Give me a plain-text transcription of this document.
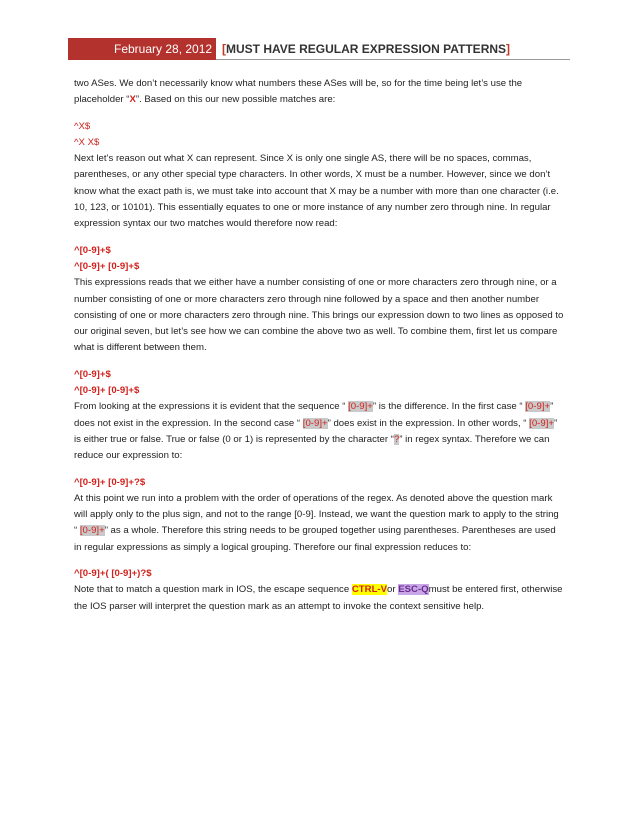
February 28, 2012 [MUST HAVE REGULAR EXPRESSION PATTERNS]

two ASes. We don’t necessarily know what numbers these ASes will be, so for the time being let’s use the placeholder “X”. Based on this our new possible matches are:

^X$

^X X$

Next let’s reason out what X can represent. Since X is only one single AS, there will be no spaces, commas, parentheses, or any other special type characters. In other words, X must be a number. However, since we don’t know what the exact path is, we must take into account that X may be a number with more than one character (i.e. 10, 123, or 10101). This essentially equates to one or more instance of any number zero through nine. In regular expression syntax our two matches would therefore now read:

^[0-9]+$

^[0-9]+ [0-9]+$

This expressions reads that we either have a number consisting of one or more characters zero through nine, or a number consisting of one or more characters zero through nine followed by a space and then another number consisting of one or more characters zero through nine. This brings our expression down to two lines as opposed to our original seven, but let’s see how we can combine the above two as well. To combine them, first let us compare what is different between them.

^[0-9]+$

^[0-9]+ [0-9]+$

From looking at the expressions it is evident that the sequence “ [0-9]+” is the difference. In the first case “ [0-9]+” does not exist in the expression. In the second case “ [0-9]+” does exist in the expression. In other words, “ [0-9]+” is either true or false. True or false (0 or 1) is represented by the character “?” in regex syntax. Therefore we can reduce our expression to:

^[0-9]+ [0-9]+?$

At this point we run into a problem with the order of operations of the regex. As denoted above the question mark will apply only to the plus sign, and not to the range [0-9]. Instead, we want the question mark to apply to the string “ [0-9]+” as a whole. Therefore this string needs to be grouped together using parentheses. Parentheses are used in regular expressions as simply a logical grouping. Therefore our final expression reduces to:

^[0-9]+( [0-9]+)?$

Note that to match a question mark in IOS, the escape sequence CTRL-Vor ESC-Qmust be entered first, otherwise the IOS parser will interpret the question mark as an attempt to invoke the context sensitive help.
